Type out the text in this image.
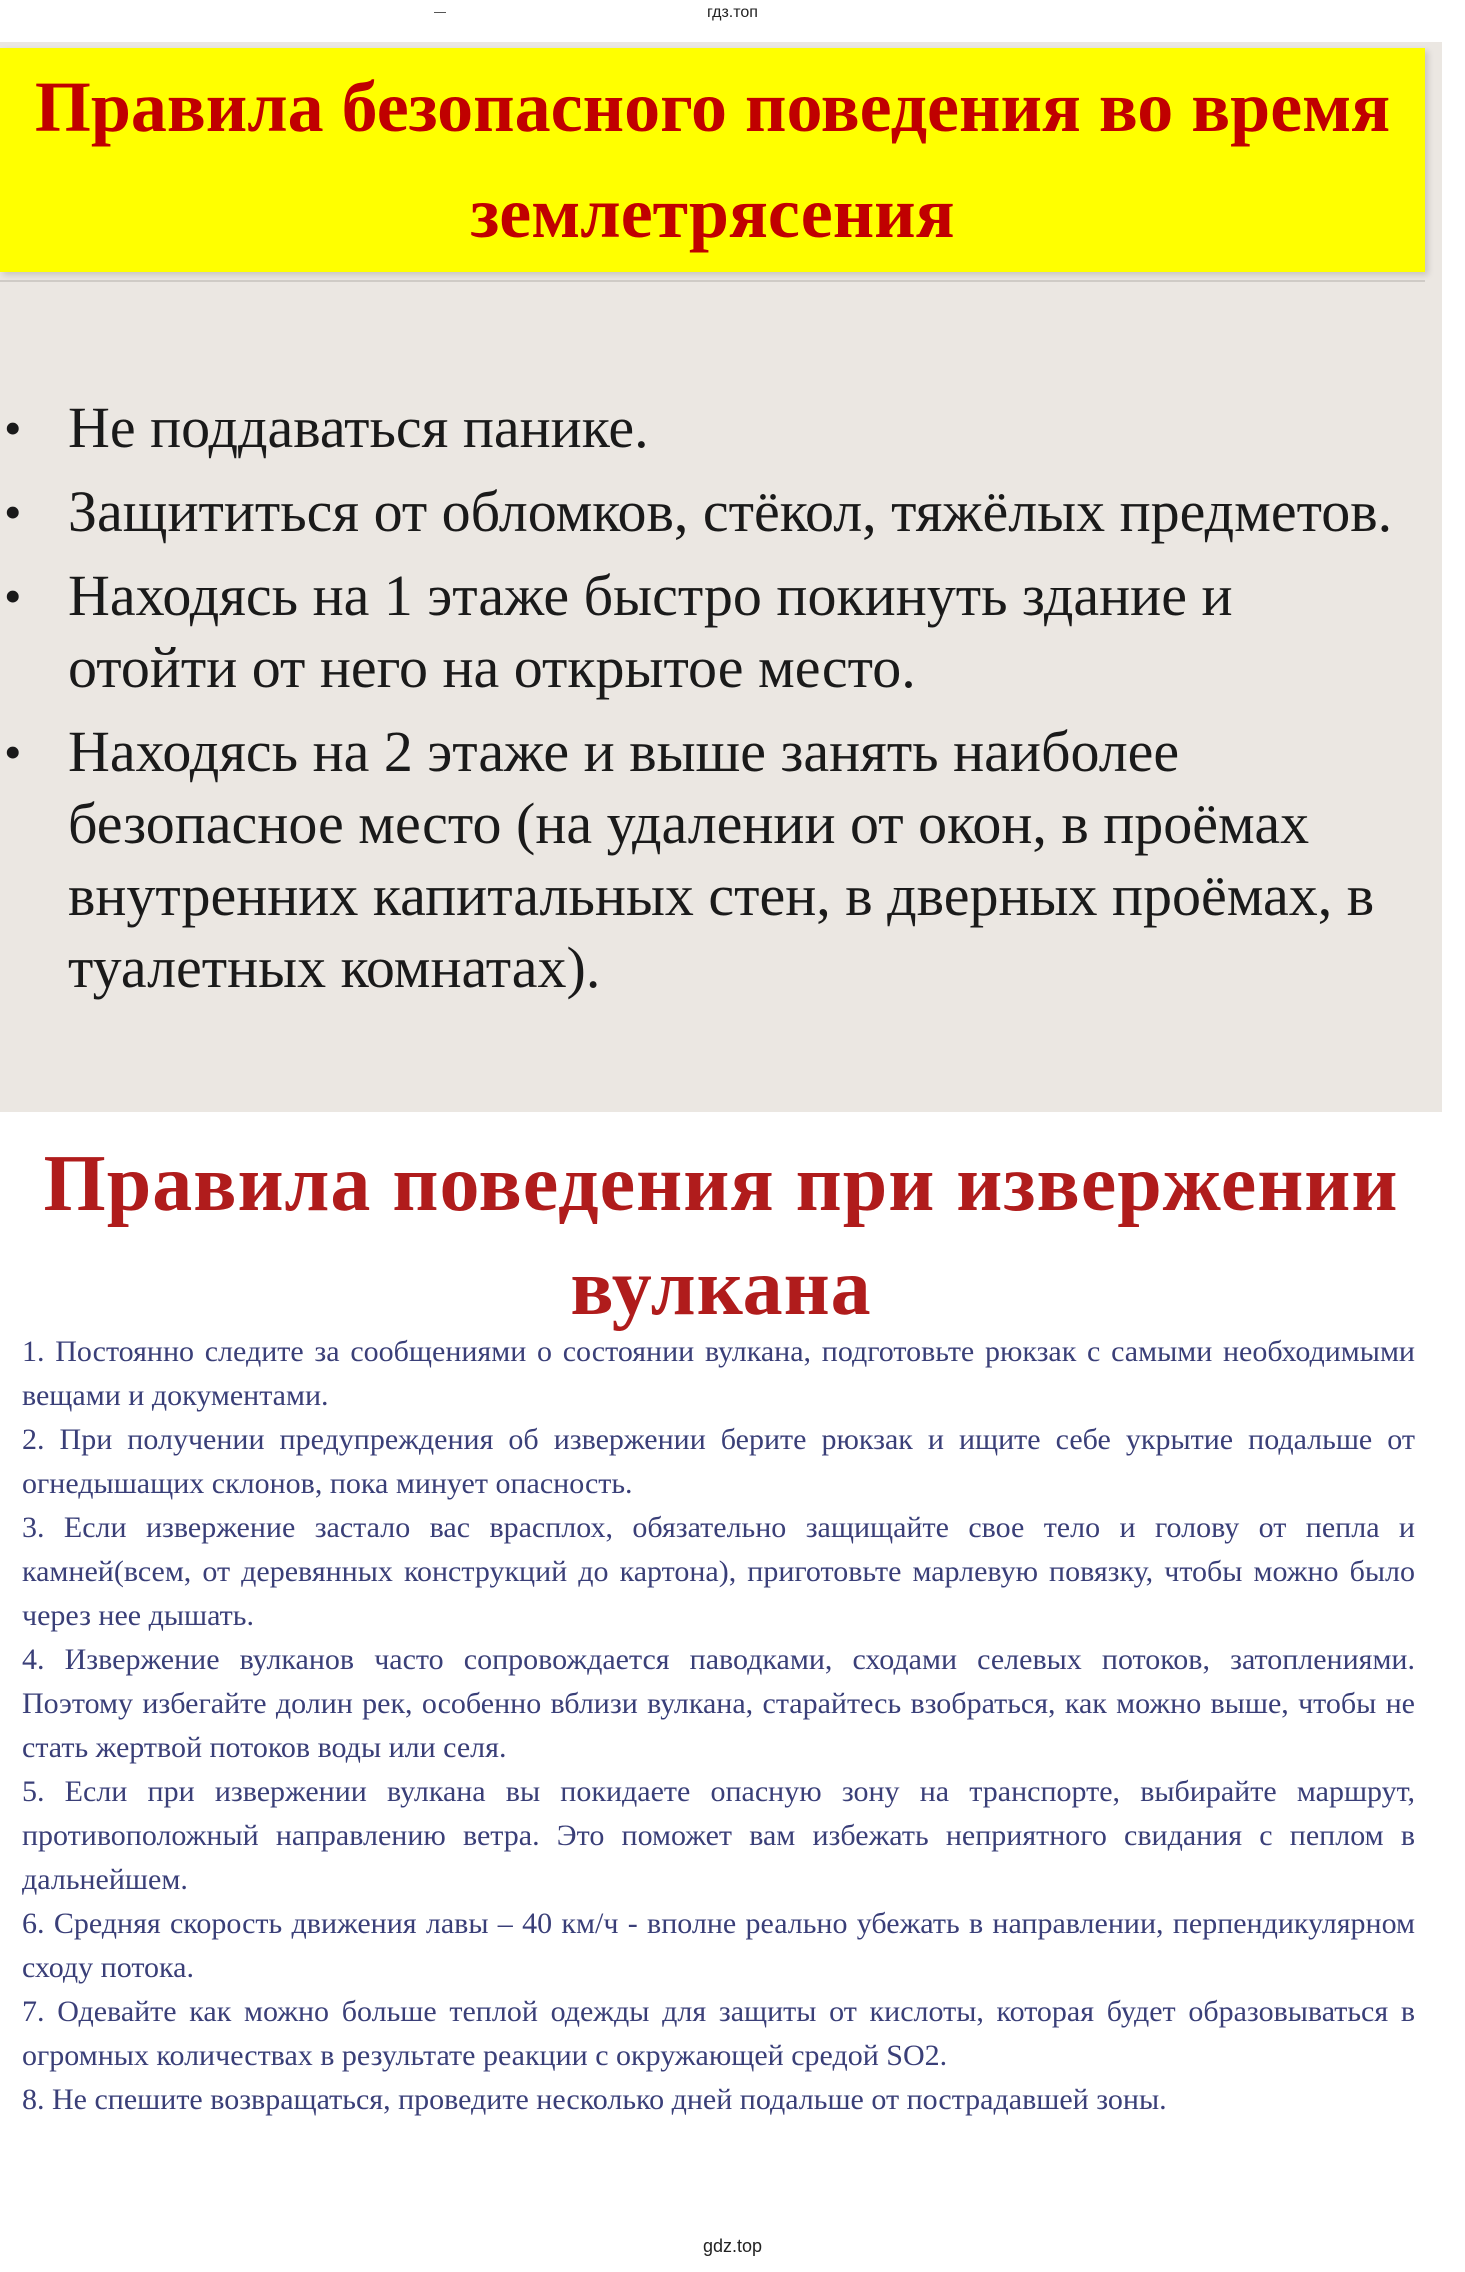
гдз.топ
Правила безопасного поведения во время землетрясения
• Не поддаваться панике.
• Защититься от обломков, стёкол, тяжёлых предметов.
• Находясь на 1 этаже быстро покинуть здание и отойти от него на открытое место.
• Находясь на 2 этаже и выше занять наиболее безопасное место (на удалении от окон, в проёмах внутренних капитальных стен, в дверных проёмах, в туалетных комнатах).
Правила поведения при извержении вулкана

1. Постоянно следите за сообщениями о состоянии вулкана, подготовьте рюкзак с самыми необходимыми вещами и документами.

2. При получении предупреждения об извержении берите рюкзак и ищите себе укрытие подальше от огнедышащих склонов, пока минует опасность.

3. Если извержение застало вас врасплох, обязательно защищайте свое тело и голову от пепла и камней(всем, от деревянных конструкций до картона), приготовьте марлевую повязку, чтобы можно было через нее дышать.

4. Извержение вулканов часто сопровождается паводками, сходами селевых потоков, затоплениями. Поэтому избегайте долин рек, особенно вблизи вулкана, старайтесь взобраться, как можно выше, чтобы не стать жертвой потоков воды или селя.

5. Если при извержении вулкана вы покидаете опасную зону на транспорте, выбирайте маршрут, противоположный направлению ветра. Это поможет вам избежать неприятного свидания с пеплом в дальнейшем.

6. Средняя скорость движения лавы – 40 км/ч - вполне реально убежать в направлении, перпендикулярном сходу потока.

7. Одевайте как можно больше теплой одежды для защиты от кислоты, которая будет образовываться в огромных количествах в результате реакции с окружающей средой SO2.

8. Не спешите возвращаться, проведите несколько дней подальше от пострадавшей зоны.

gdz.top
